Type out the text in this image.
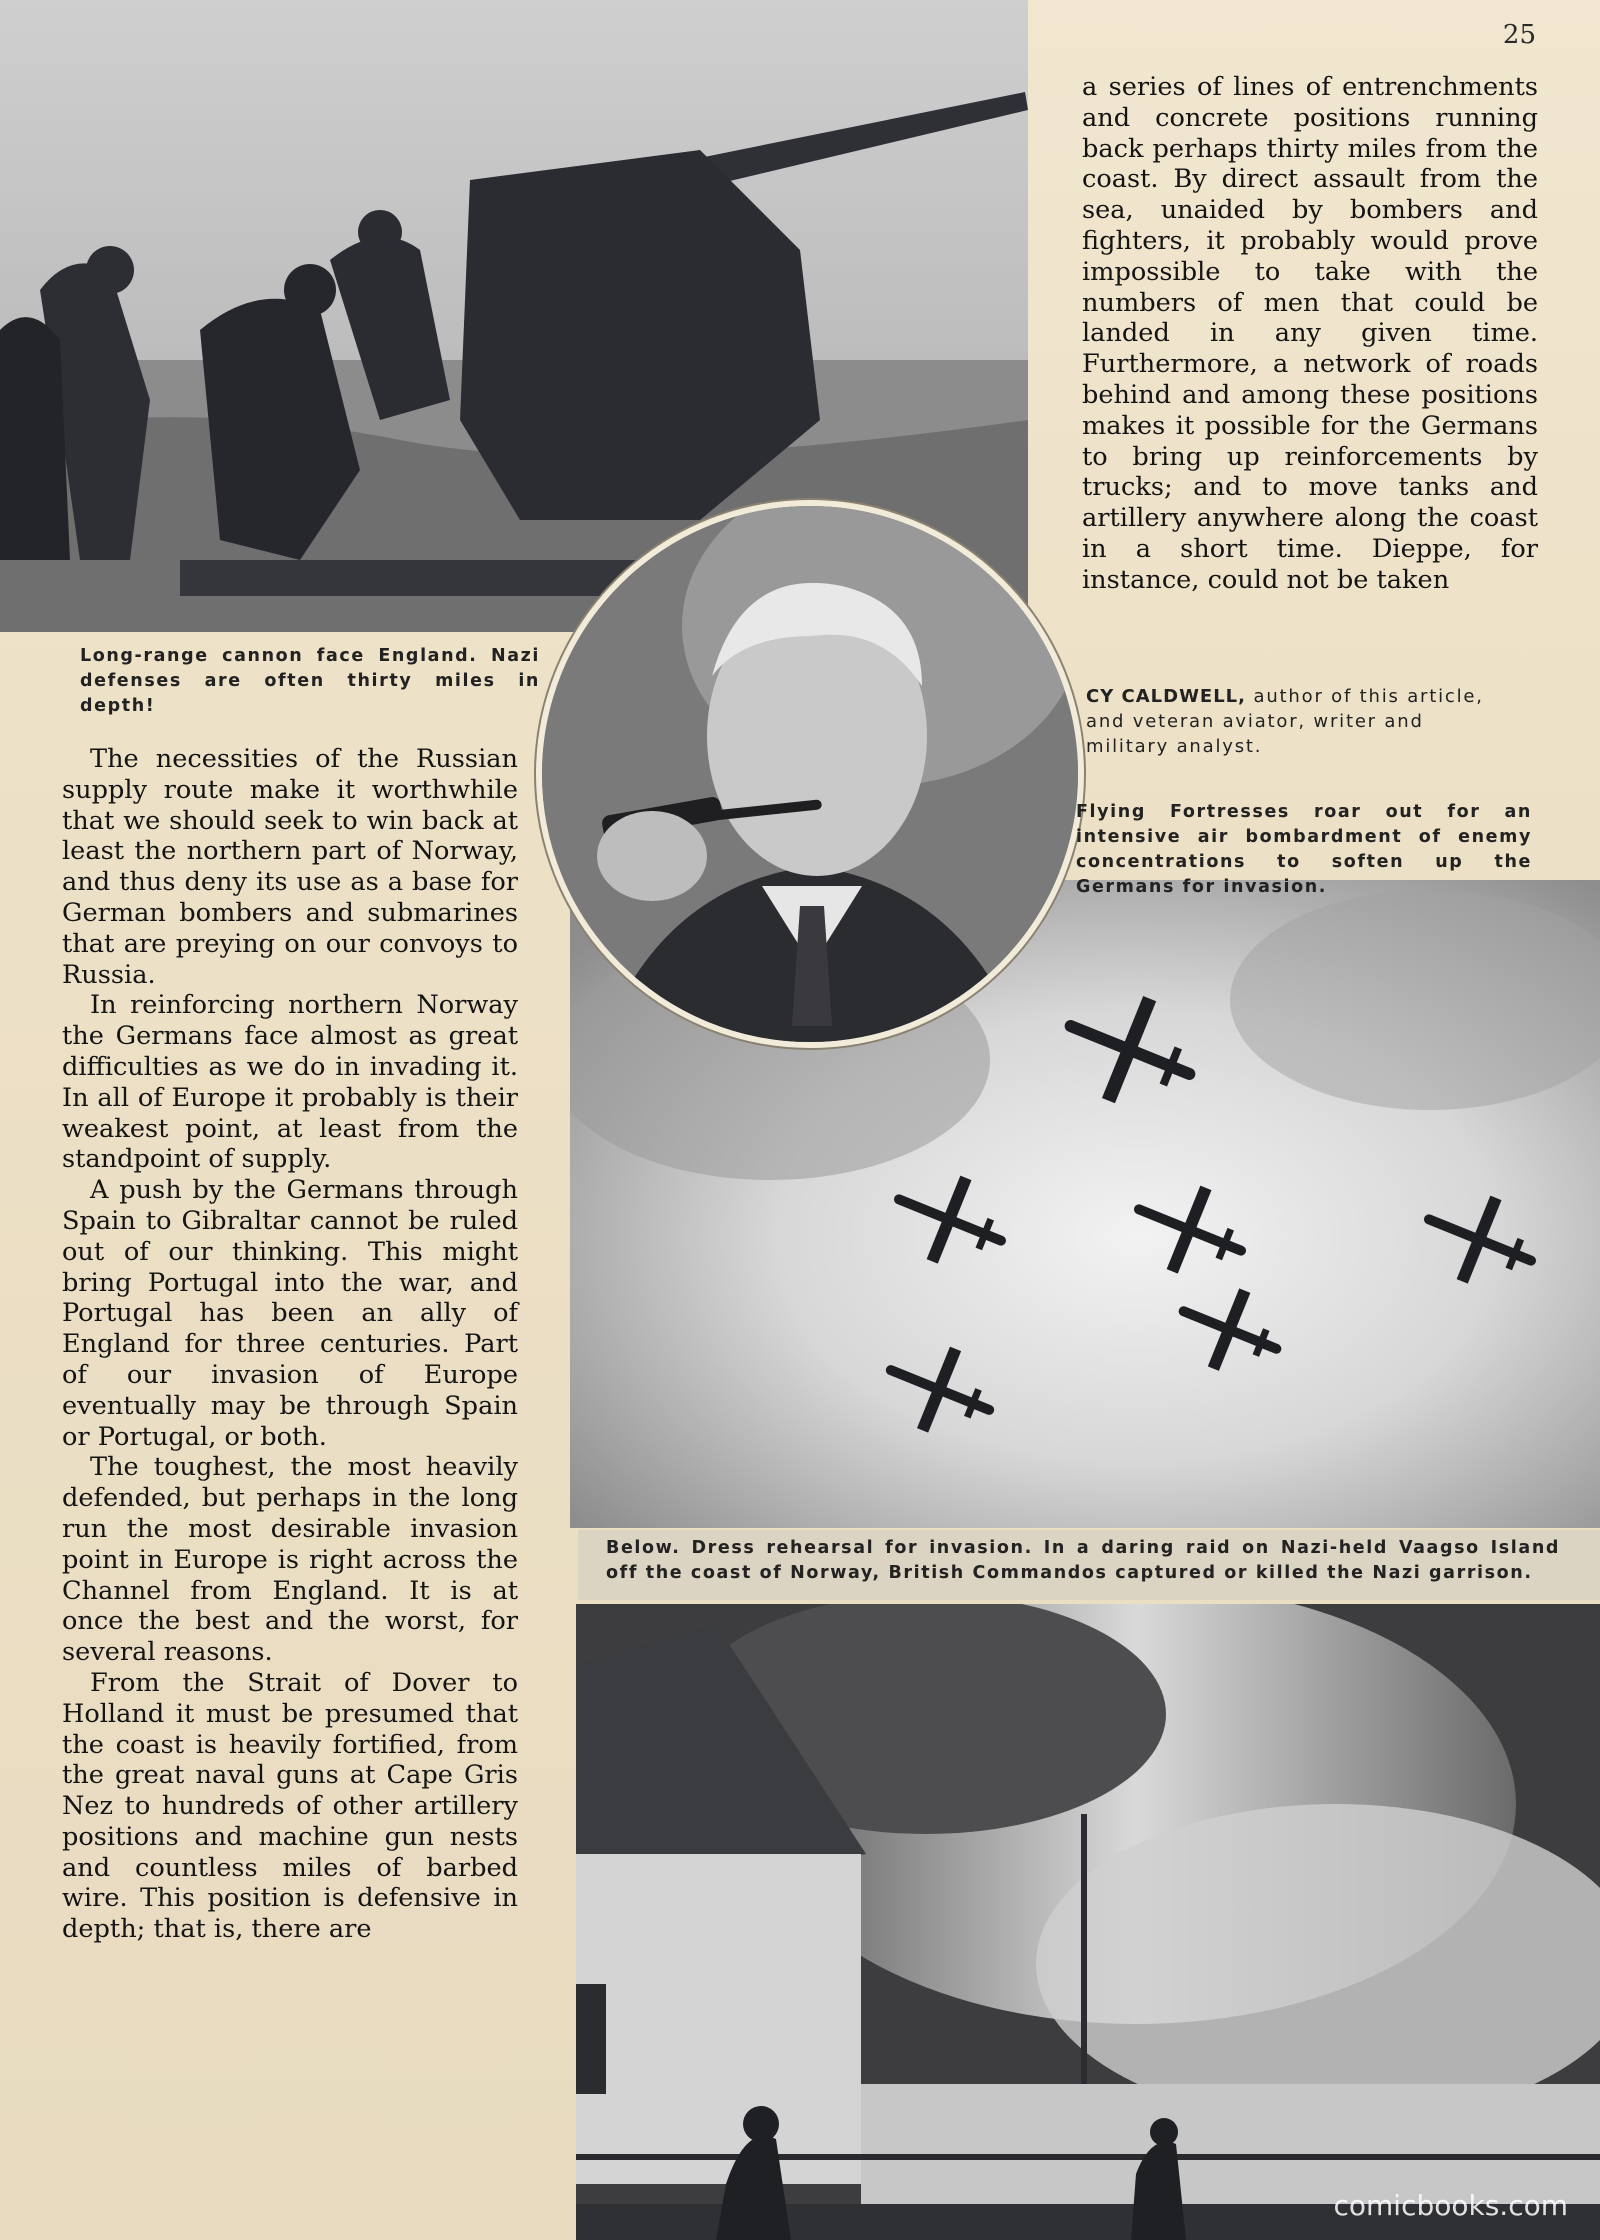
25

Long-range cannon face England. Nazi defenses are often thirty miles in depth!

a series of lines of entrenchments and concrete positions running back perhaps thirty miles from the coast. By direct assault from the sea, unaided by bombers and fighters, it probably would prove impossible to take with the numbers of men that could be landed in any given time. Furthermore, a network of roads behind and among these positions makes it possible for the Germans to bring up reinforcements by trucks; and to move tanks and artillery anywhere along the coast in a short time. Dieppe, for instance, could not be taken

CY CALDWELL, author of this article, and veteran aviator, writer and military analyst.

Flying Fortresses roar out for an intensive air bombardment of enemy concentrations to soften up the Germans for invasion.

The necessities of the Russian supply route make it worthwhile that we should seek to win back at least the northern part of Norway, and thus deny its use as a base for German bombers and submarines that are preying on our convoys to Russia.

In reinforcing northern Norway the Germans face almost as great difficulties as we do in invading it. In all of Europe it probably is their weakest point, at least from the standpoint of supply.

A push by the Germans through Spain to Gibraltar cannot be ruled out of our thinking. This might bring Portugal into the war, and Portugal has been an ally of England for three centuries. Part of our invasion of Europe eventually may be through Spain or Portugal, or both.

The toughest, the most heavily defended, but perhaps in the long run the most desirable invasion point in Europe is right across the Channel from England. It is at once the best and the worst, for several reasons.

From the Strait of Dover to Holland it must be presumed that the coast is heavily fortified, from the great naval guns at Cape Gris Nez to hundreds of other artillery positions and machine gun nests and countless miles of barbed wire. This position is defensive in depth; that is, there are

Below. Dress rehearsal for invasion. In a daring raid on Nazi-held Vaagso Island off the coast of Norway, British Commandos captured or killed the Nazi garrison.

comicbooks.com
